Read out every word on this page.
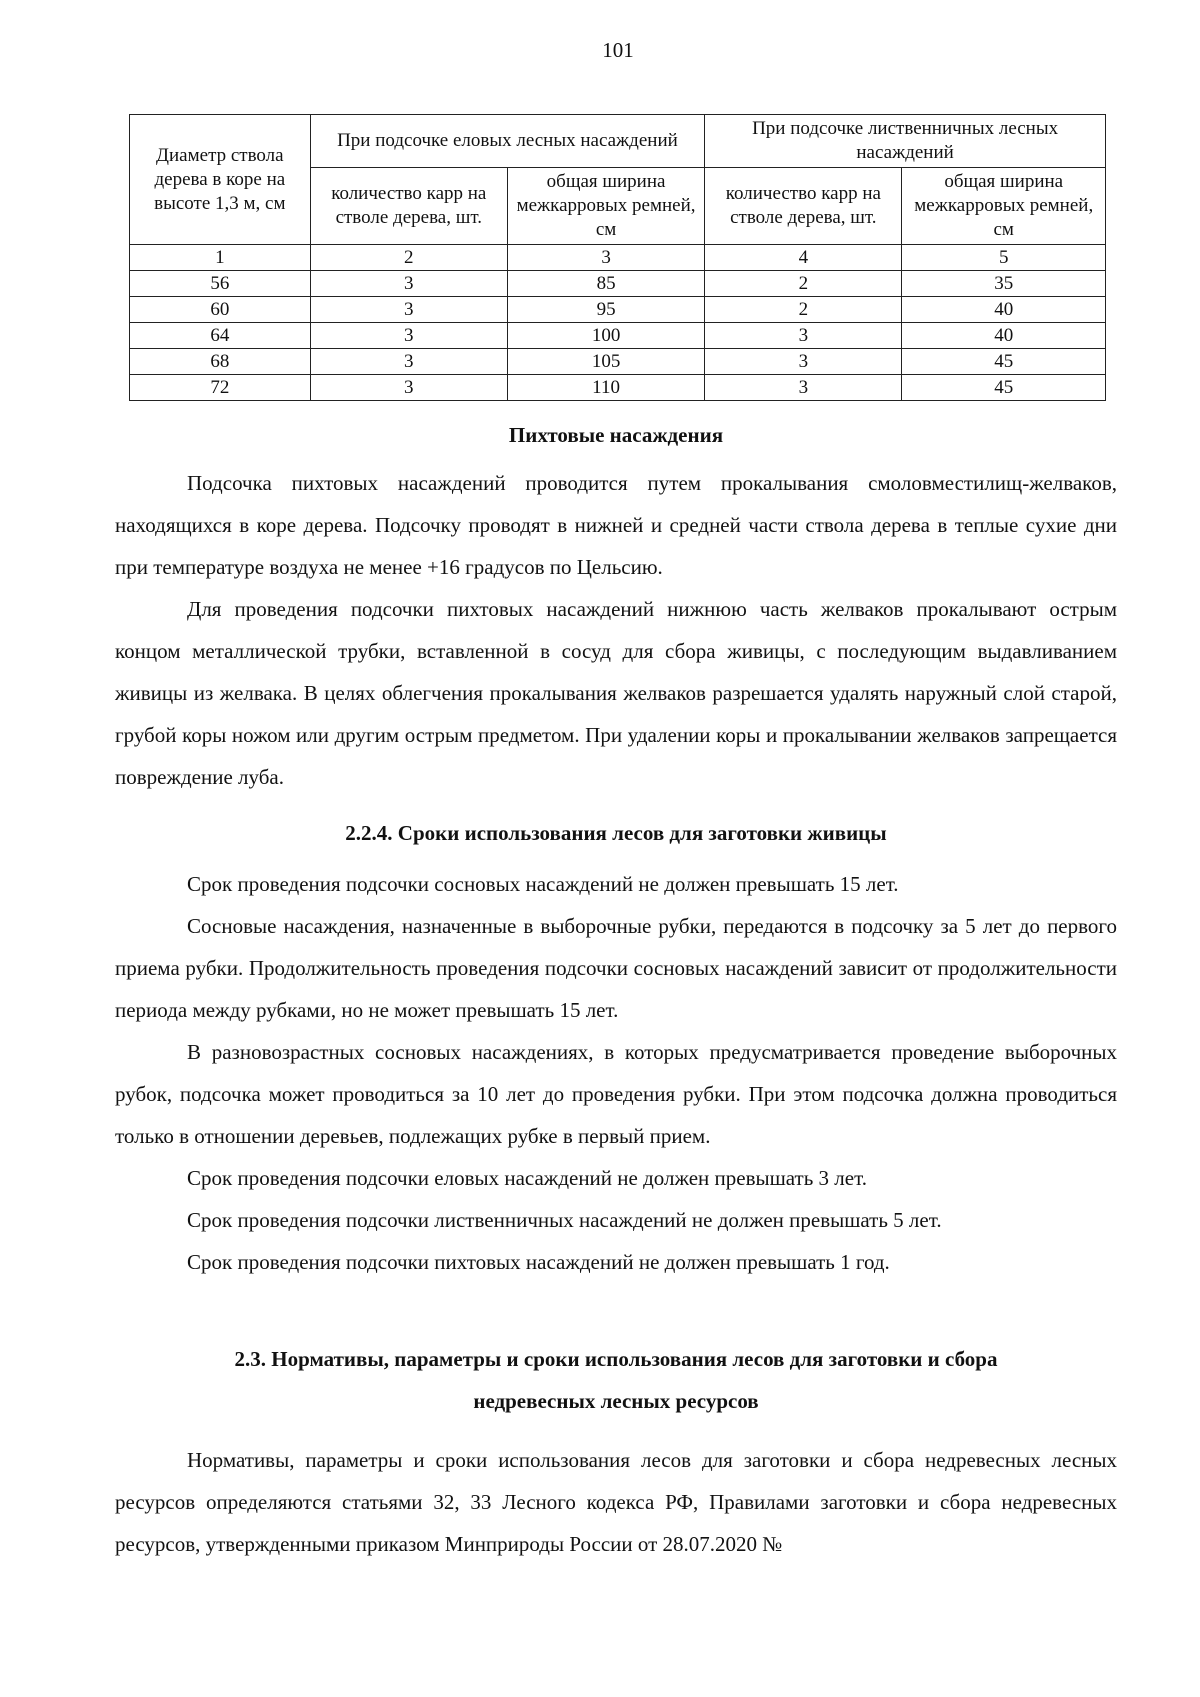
101
Диаметр ствола дерева в коре на высоте 1,3 м, см	При подсочке еловых лесных насаждений		При подсочке лиственничных лесных насаждений	
	количество карр на стволе дерева, шт.	общая ширина межкарровых ремней, см	количество карр на стволе дерева, шт.	общая ширина межкарровых ремней, см
1	2	3	4	5
56	3	85	2	35
60	3	95	2	40
64	3	100	3	40
68	3	105	3	45
72	3	110	3	45
Пихтовые насаждения

Подсочка пихтовых насаждений проводится путем прокалывания смоловместилищ-желваков, находящихся в коре дерева. Подсочку проводят в нижней и средней части ствола дерева в теплые сухие дни при температуре воздуха не менее +16 градусов по Цельсию.

Для проведения подсочки пихтовых насаждений нижнюю часть желваков прокалывают острым концом металлической трубки, вставленной в сосуд для сбора живицы, с последующим выдавливанием живицы из желвака. В целях облегчения прокалывания желваков разрешается удалять наружный слой старой, грубой коры ножом или другим острым предметом. При удалении коры и прокалывании желваков запрещается повреждение луба.

2.2.4. Сроки использования лесов для заготовки живицы

Срок проведения подсочки сосновых насаждений не должен превышать 15 лет.

Сосновые насаждения, назначенные в выборочные рубки, передаются в подсочку за 5 лет до первого приема рубки. Продолжительность проведения подсочки сосновых насаждений зависит от продолжительности периода между рубками, но не может превышать 15 лет.

В разновозрастных сосновых насаждениях, в которых предусматривается проведение выборочных рубок, подсочка может проводиться за 10 лет до проведения рубки. При этом подсочка должна проводиться только в отношении деревьев, подлежащих рубке в первый прием.

Срок проведения подсочки еловых насаждений не должен превышать 3 лет.

Срок проведения подсочки лиственничных насаждений не должен превышать 5 лет.

Срок проведения подсочки пихтовых насаждений не должен превышать 1 год.

2.3. Нормативы, параметры и сроки использования лесов для заготовки и сбора недревесных лесных ресурсов

Нормативы, параметры и сроки использования лесов для заготовки и сбора недревесных лесных ресурсов определяются статьями 32, 33 Лесного кодекса РФ, Правилами заготовки и сбора недревесных ресурсов, утвержденными приказом Минприроды России от 28.07.2020 №
